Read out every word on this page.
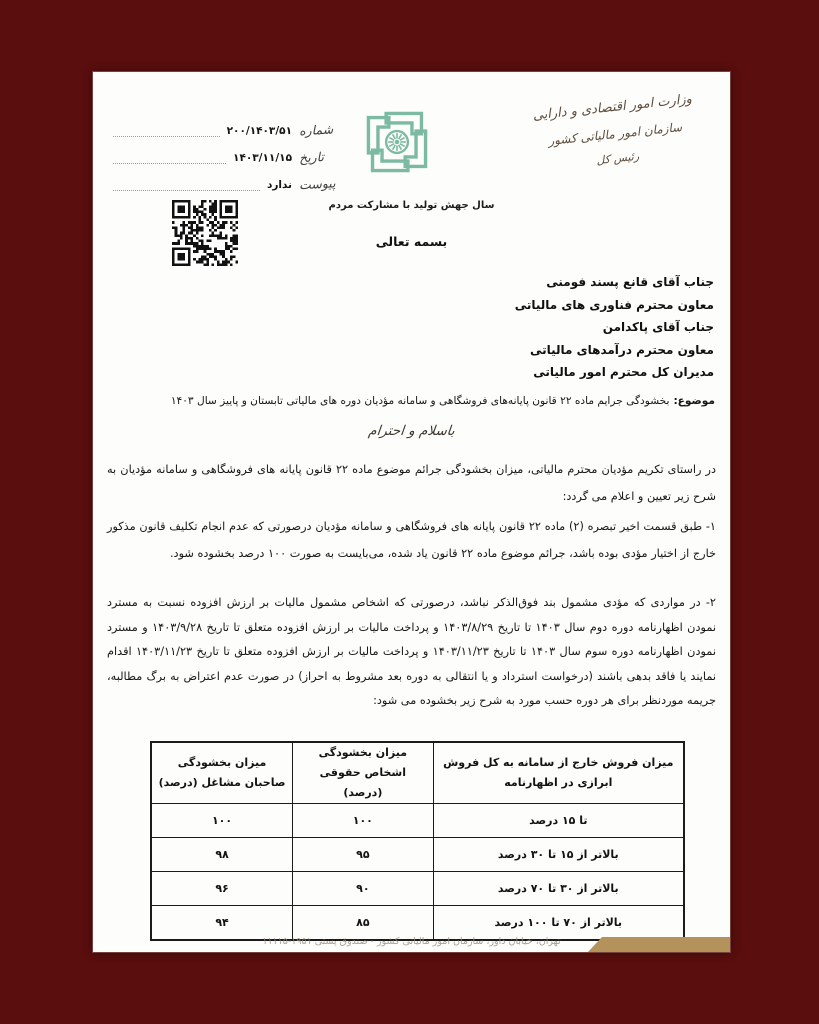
شماره
۲۰۰/۱۴۰۳/۵۱
تاریخ
۱۴۰۳/۱۱/۱۵
پیوست
ندارد
وزارت امور اقتصادی و دارایی
سازمان امور مالیاتی کشور
رئیس کل
سال جهش تولید با مشارکت مردم
بسمه تعالی
جناب آقای قانع پسند فومنی
معاون محترم فناوری های مالیاتی
جناب آقای پاکدامن
معاون محترم درآمدهای مالیاتی
مدیران کل محترم امور مالیاتی
موضوع:بخشودگی جرایم ماده ۲۲ قانون پایانه‌های فروشگاهی و سامانه مؤدیان دوره های مالیاتی تابستان و پاییز سال ۱۴۰۳
باسلام و احترام
در راستای تکریم مؤدیان محترم مالیاتی، میزان بخشودگی جرائم موضوع ماده ۲۲ قانون پایانه های فروشگاهی و سامانه مؤدیان به شرح زیر تعیین و اعلام می گردد:
۱- طبق قسمت اخیر تبصره (۲) ماده ۲۲ قانون پایانه های فروشگاهی و سامانه مؤدیان درصورتی که عدم انجام تکلیف قانون مذکور خارج از اختیار مؤدی بوده باشد، جرائم موضوع ماده ۲۲ قانون یاد شده، می‌بایست به صورت ۱۰۰ درصد بخشوده شود.
۲- در مواردی که مؤدی مشمول بند فوق‌الذکر نباشد، درصورتی که اشخاص مشمول مالیات بر ارزش افزوده نسبت به مسترد نمودن اظهارنامه دوره دوم سال ۱۴۰۳ تا تاریخ ۱۴۰۳/۸/۲۹ و پرداخت مالیات بر ارزش افزوده متعلق تا تاریخ ۱۴۰۳/۹/۲۸ و مسترد نمودن اظهارنامه دوره سوم سال ۱۴۰۳ تا تاریخ ۱۴۰۳/۱۱/۲۳ و پرداخت مالیات بر ارزش افزوده متعلق تا تاریخ ۱۴۰۳/۱۱/۲۳ اقدام نمایند یا فاقد بدهی باشند (درخواست استرداد و یا انتقالی به دوره بعد مشروط به احراز) در صورت عدم اعتراض به برگ مطالبه، جریمه موردنظر برای هر دوره حسب مورد به شرح زیر بخشوده می شود:
میزان فروش خارج از سامانه به کل فروش ابرازی در اظهارنامه	میزان بخشودگی اشخاص حقوقی (درصد)	میزان بخشودگی صاحبان مشاغل (درصد)
تا ۱۵ درصد	۱۰۰	۱۰۰
بالاتر از ۱۵ تا ۳۰ درصد	۹۵	۹۸
بالاتر از ۳۰ تا ۷۰ درصد	۹۰	۹۶
بالاتر از ۷۰ تا ۱۰۰ درصد	۸۵	۹۴
تهران، خیابان داور، سازمان امور مالیاتی کشور - صندوق پستی ۱۹۵۱-۱۱۱۱۵
